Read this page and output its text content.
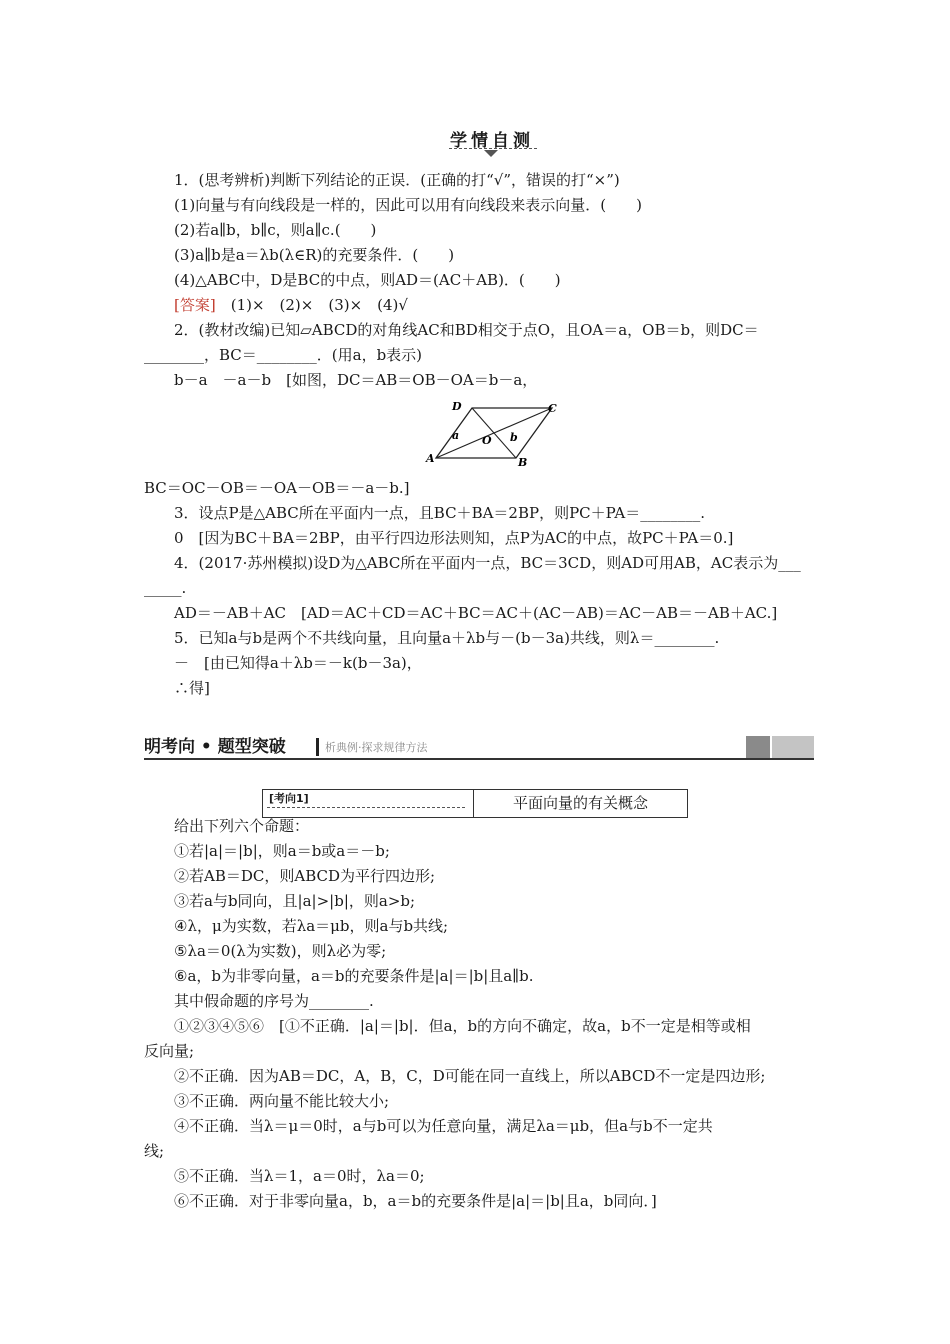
学情自测
1．(思考辨析)判断下列结论的正误．(正确的打“√”，错误的打“×”)
(1)向量与有向线段是一样的，因此可以用有向线段来表示向量．(　　)
(2)若a∥b，b∥c，则a∥c.(　　)
(3)a∥b是a＝λb(λ∈R)的充要条件．(　　)
(4)△ABC中，D是BC的中点，则AD＝(AC＋AB)．(　　)
[答案]　(1)×　(2)×　(3)×　(4)√
2．(教材改编)已知▱ABCD的对角线AC和BD相交于点O，且OA＝a，OB＝b，则DC＝
________，BC＝________．(用a，b表示)
b－a　－a－b　[如图，DC＝AB＝OB－OA＝b－a，
D	C
A	B
O
a	b
BC＝OC－OB＝－OA－OB＝－a－b.]
3．设点P是△ABC所在平面内一点，且BC＋BA＝2BP，则PC＋PA＝________.
0　[因为BC＋BA＝2BP，由平行四边形法则知，点P为AC的中点，故PC＋PA＝0.]
4．(2017·苏州模拟)设D为△ABC所在平面内一点，BC＝3CD，则AD可用AB，AC表示为___
_____.
AD＝－AB＋AC　[AD＝AC＋CD＝AC＋BC＝AC＋(AC－AB)＝AC－AB＝－AB＋AC.]
5．已知a与b是两个不共线向量，且向量a＋λb与－(b－3a)共线，则λ＝________.
－　[由已知得a＋λb＝－k(b－3a)，
∴得]
明考向 • 题型突破	析典例·探求规律方法
[考向1]	平面向量的有关概念
给出下列六个命题：
①若|a|＝|b|，则a＝b或a＝－b;
②若AB＝DC，则ABCD为平行四边形;
③若a与b同向，且|a|>|b|，则a>b;
④λ，μ为实数，若λa＝μb，则a与b共线;
⑤λa＝0(λ为实数)，则λ必为零;
⑥a，b为非零向量，a＝b的充要条件是|a|＝|b|且a∥b.
其中假命题的序号为________.
①②③④⑤⑥　[①不正确．|a|＝|b|．但a，b的方向不确定，故a，b不一定是相等或相
反向量;
②不正确．因为AB＝DC，A，B，C，D可能在同一直线上，所以ABCD不一定是四边形;
③不正确．两向量不能比较大小;
④不正确．当λ＝μ＝0时，a与b可以为任意向量，满足λa＝μb，但a与b不一定共
线;
⑤不正确．当λ＝1，a＝0时，λa＝0;
⑥不正确．对于非零向量a，b，a＝b的充要条件是|a|＝|b|且a，b同向．]
